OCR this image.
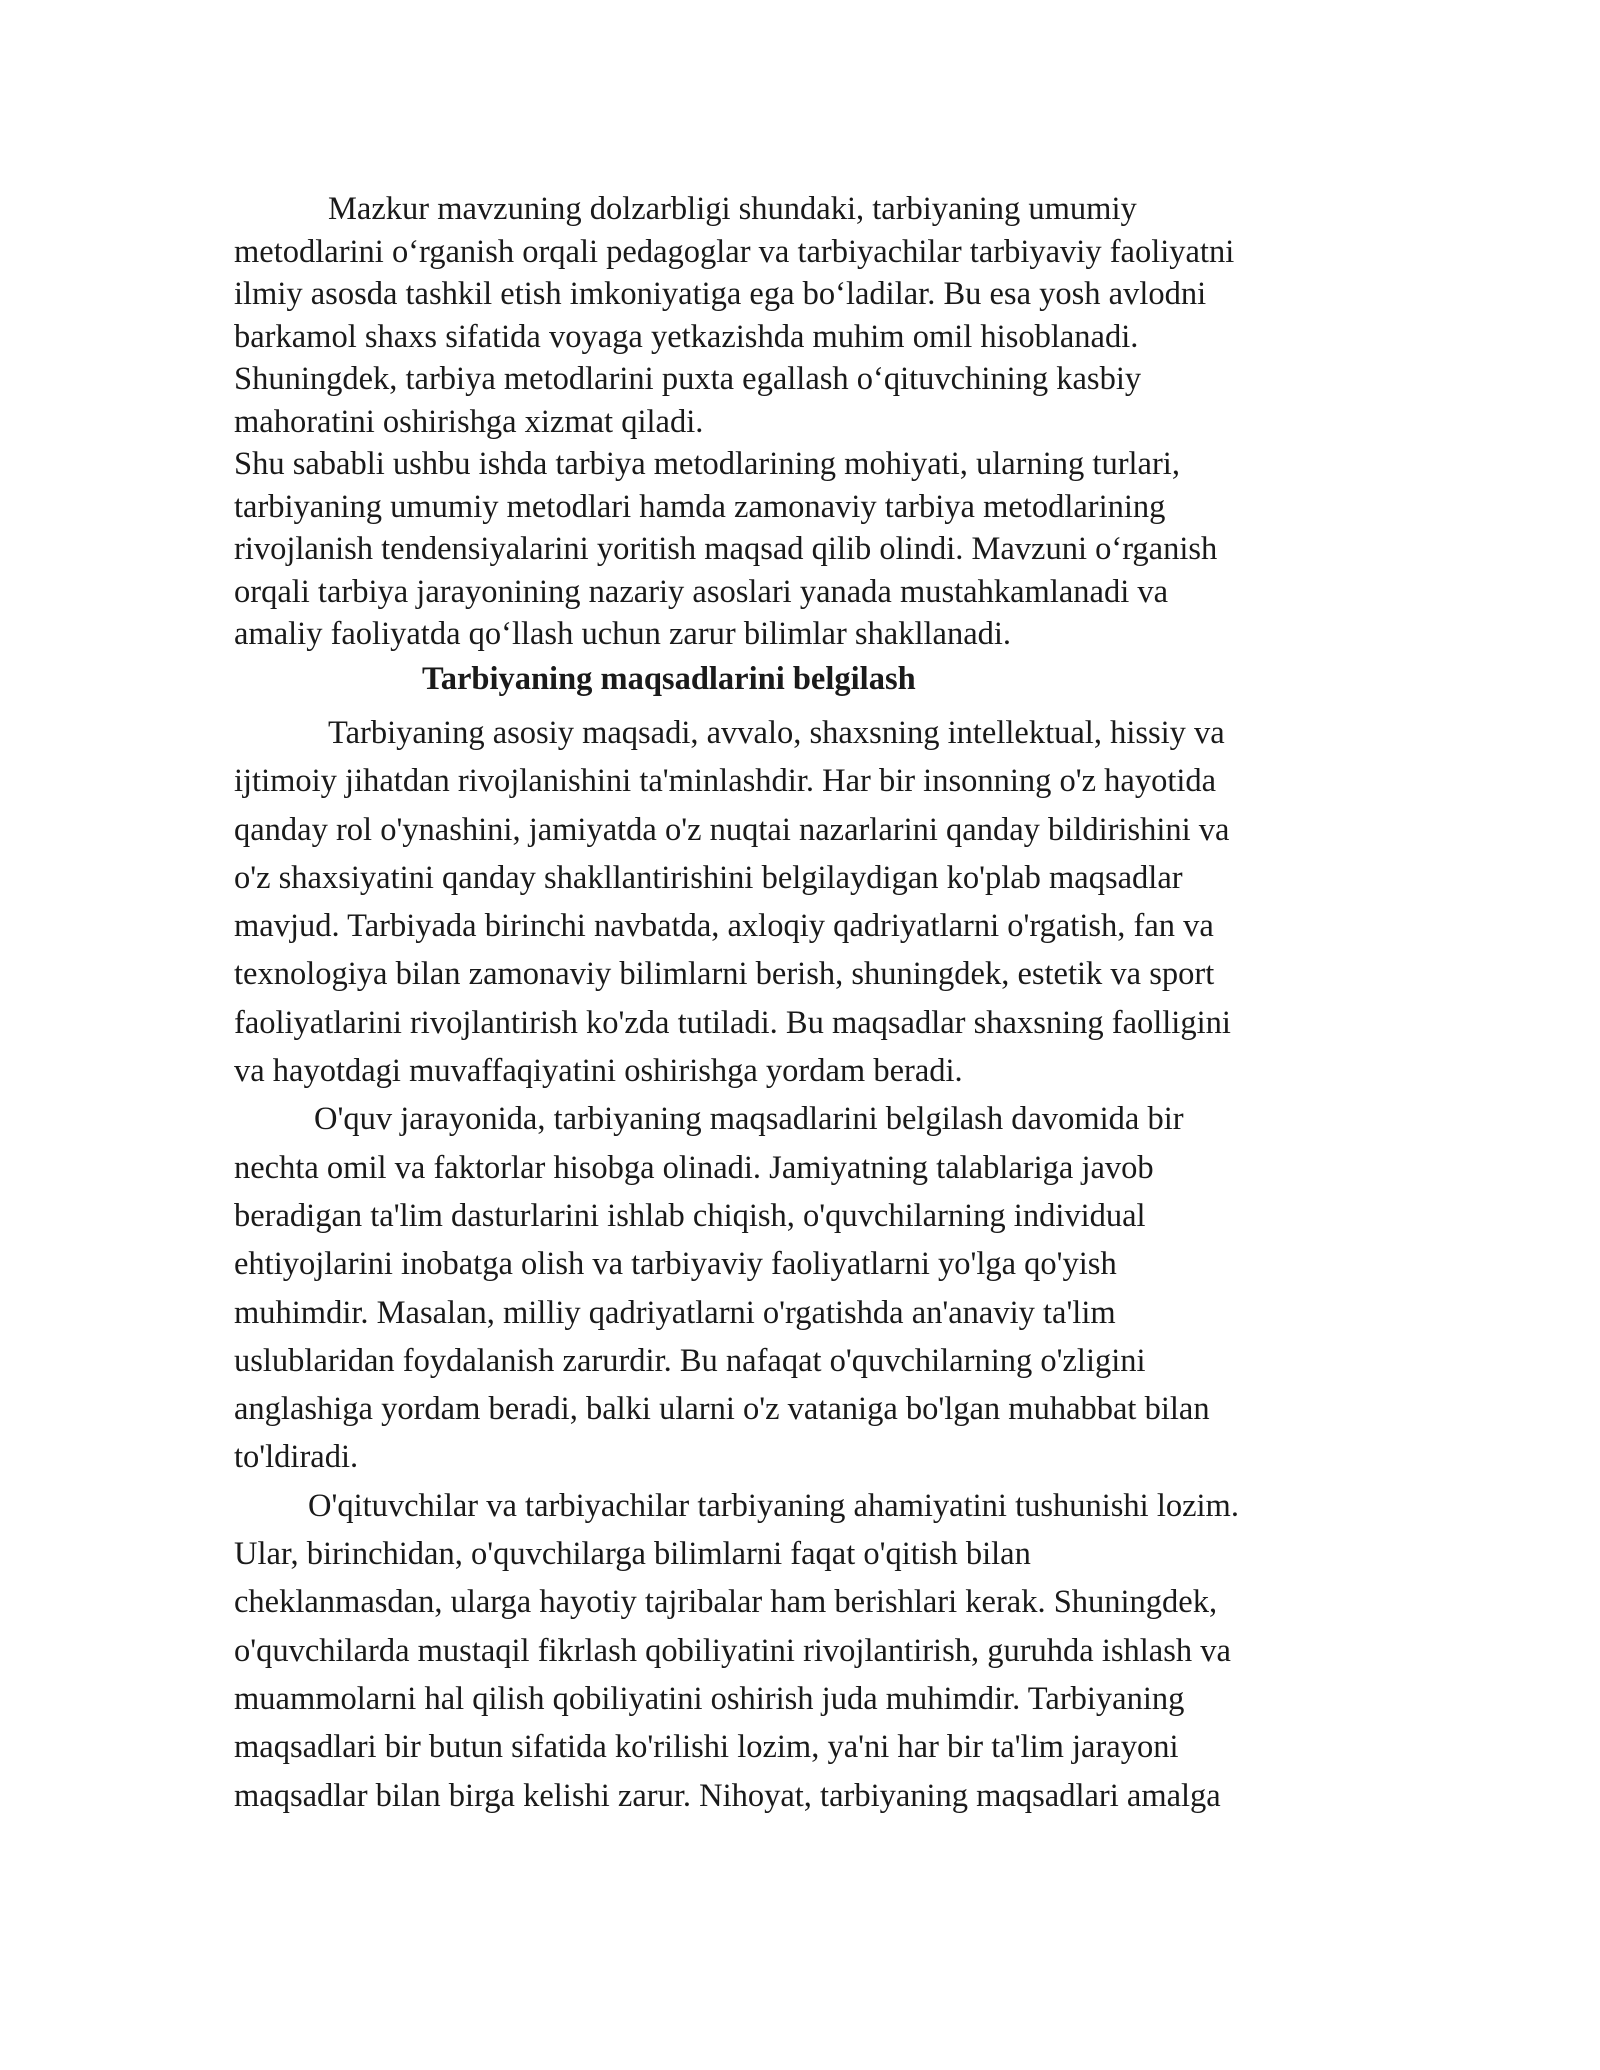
Mazkur mavzuning dolzarbligi shundaki, tarbiyaning umumiy

metodlarini o‘rganish orqali pedagoglar va tarbiyachilar tarbiyaviy faoliyatni

ilmiy asosda tashkil etish imkoniyatiga ega bo‘ladilar. Bu esa yosh avlodni

barkamol shaxs sifatida voyaga yetkazishda muhim omil hisoblanadi.

Shuningdek, tarbiya metodlarini puxta egallash o‘qituvchining kasbiy

mahoratini oshirishga xizmat qiladi.

Shu sababli ushbu ishda tarbiya metodlarining mohiyati, ularning turlari,

tarbiyaning umumiy metodlari hamda zamonaviy tarbiya metodlarining

rivojlanish tendensiyalarini yoritish maqsad qilib olindi. Mavzuni o‘rganish

orqali tarbiya jarayonining nazariy asoslari yanada mustahkamlanadi va

amaliy faoliyatda qo‘llash uchun zarur bilimlar shakllanadi.

Tarbiyaning maqsadlarini belgilash

Tarbiyaning asosiy maqsadi, avvalo, shaxsning intellektual, hissiy va

ijtimoiy jihatdan rivojlanishini ta'minlashdir. Har bir insonning o'z hayotida

qanday rol o'ynashini, jamiyatda o'z nuqtai nazarlarini qanday bildirishini va

o'z shaxsiyatini qanday shakllantirishini belgilaydigan ko'plab maqsadlar

mavjud. Tarbiyada birinchi navbatda, axloqiy qadriyatlarni o'rgatish, fan va

texnologiya bilan zamonaviy bilimlarni berish, shuningdek, estetik va sport

faoliyatlarini rivojlantirish ko'zda tutiladi. Bu maqsadlar shaxsning faolligini

va hayotdagi muvaffaqiyatini oshirishga yordam beradi.

O'quv jarayonida, tarbiyaning maqsadlarini belgilash davomida bir

nechta omil va faktorlar hisobga olinadi. Jamiyatning talablariga javob

beradigan ta'lim dasturlarini ishlab chiqish, o'quvchilarning individual

ehtiyojlarini inobatga olish va tarbiyaviy faoliyatlarni yo'lga qo'yish

muhimdir. Masalan, milliy qadriyatlarni o'rgatishda an'anaviy ta'lim

uslublaridan foydalanish zarurdir. Bu nafaqat o'quvchilarning o'zligini

anglashiga yordam beradi, balki ularni o'z vataniga bo'lgan muhabbat bilan

to'ldiradi.

O'qituvchilar va tarbiyachilar tarbiyaning ahamiyatini tushunishi lozim.

Ular, birinchidan, o'quvchilarga bilimlarni faqat o'qitish bilan

cheklanmasdan, ularga hayotiy tajribalar ham berishlari kerak. Shuningdek,

o'quvchilarda mustaqil fikrlash qobiliyatini rivojlantirish, guruhda ishlash va

muammolarni hal qilish qobiliyatini oshirish juda muhimdir. Tarbiyaning

maqsadlari bir butun sifatida ko'rilishi lozim, ya'ni har bir ta'lim jarayoni

maqsadlar bilan birga kelishi zarur. Nihoyat, tarbiyaning maqsadlari amalga
